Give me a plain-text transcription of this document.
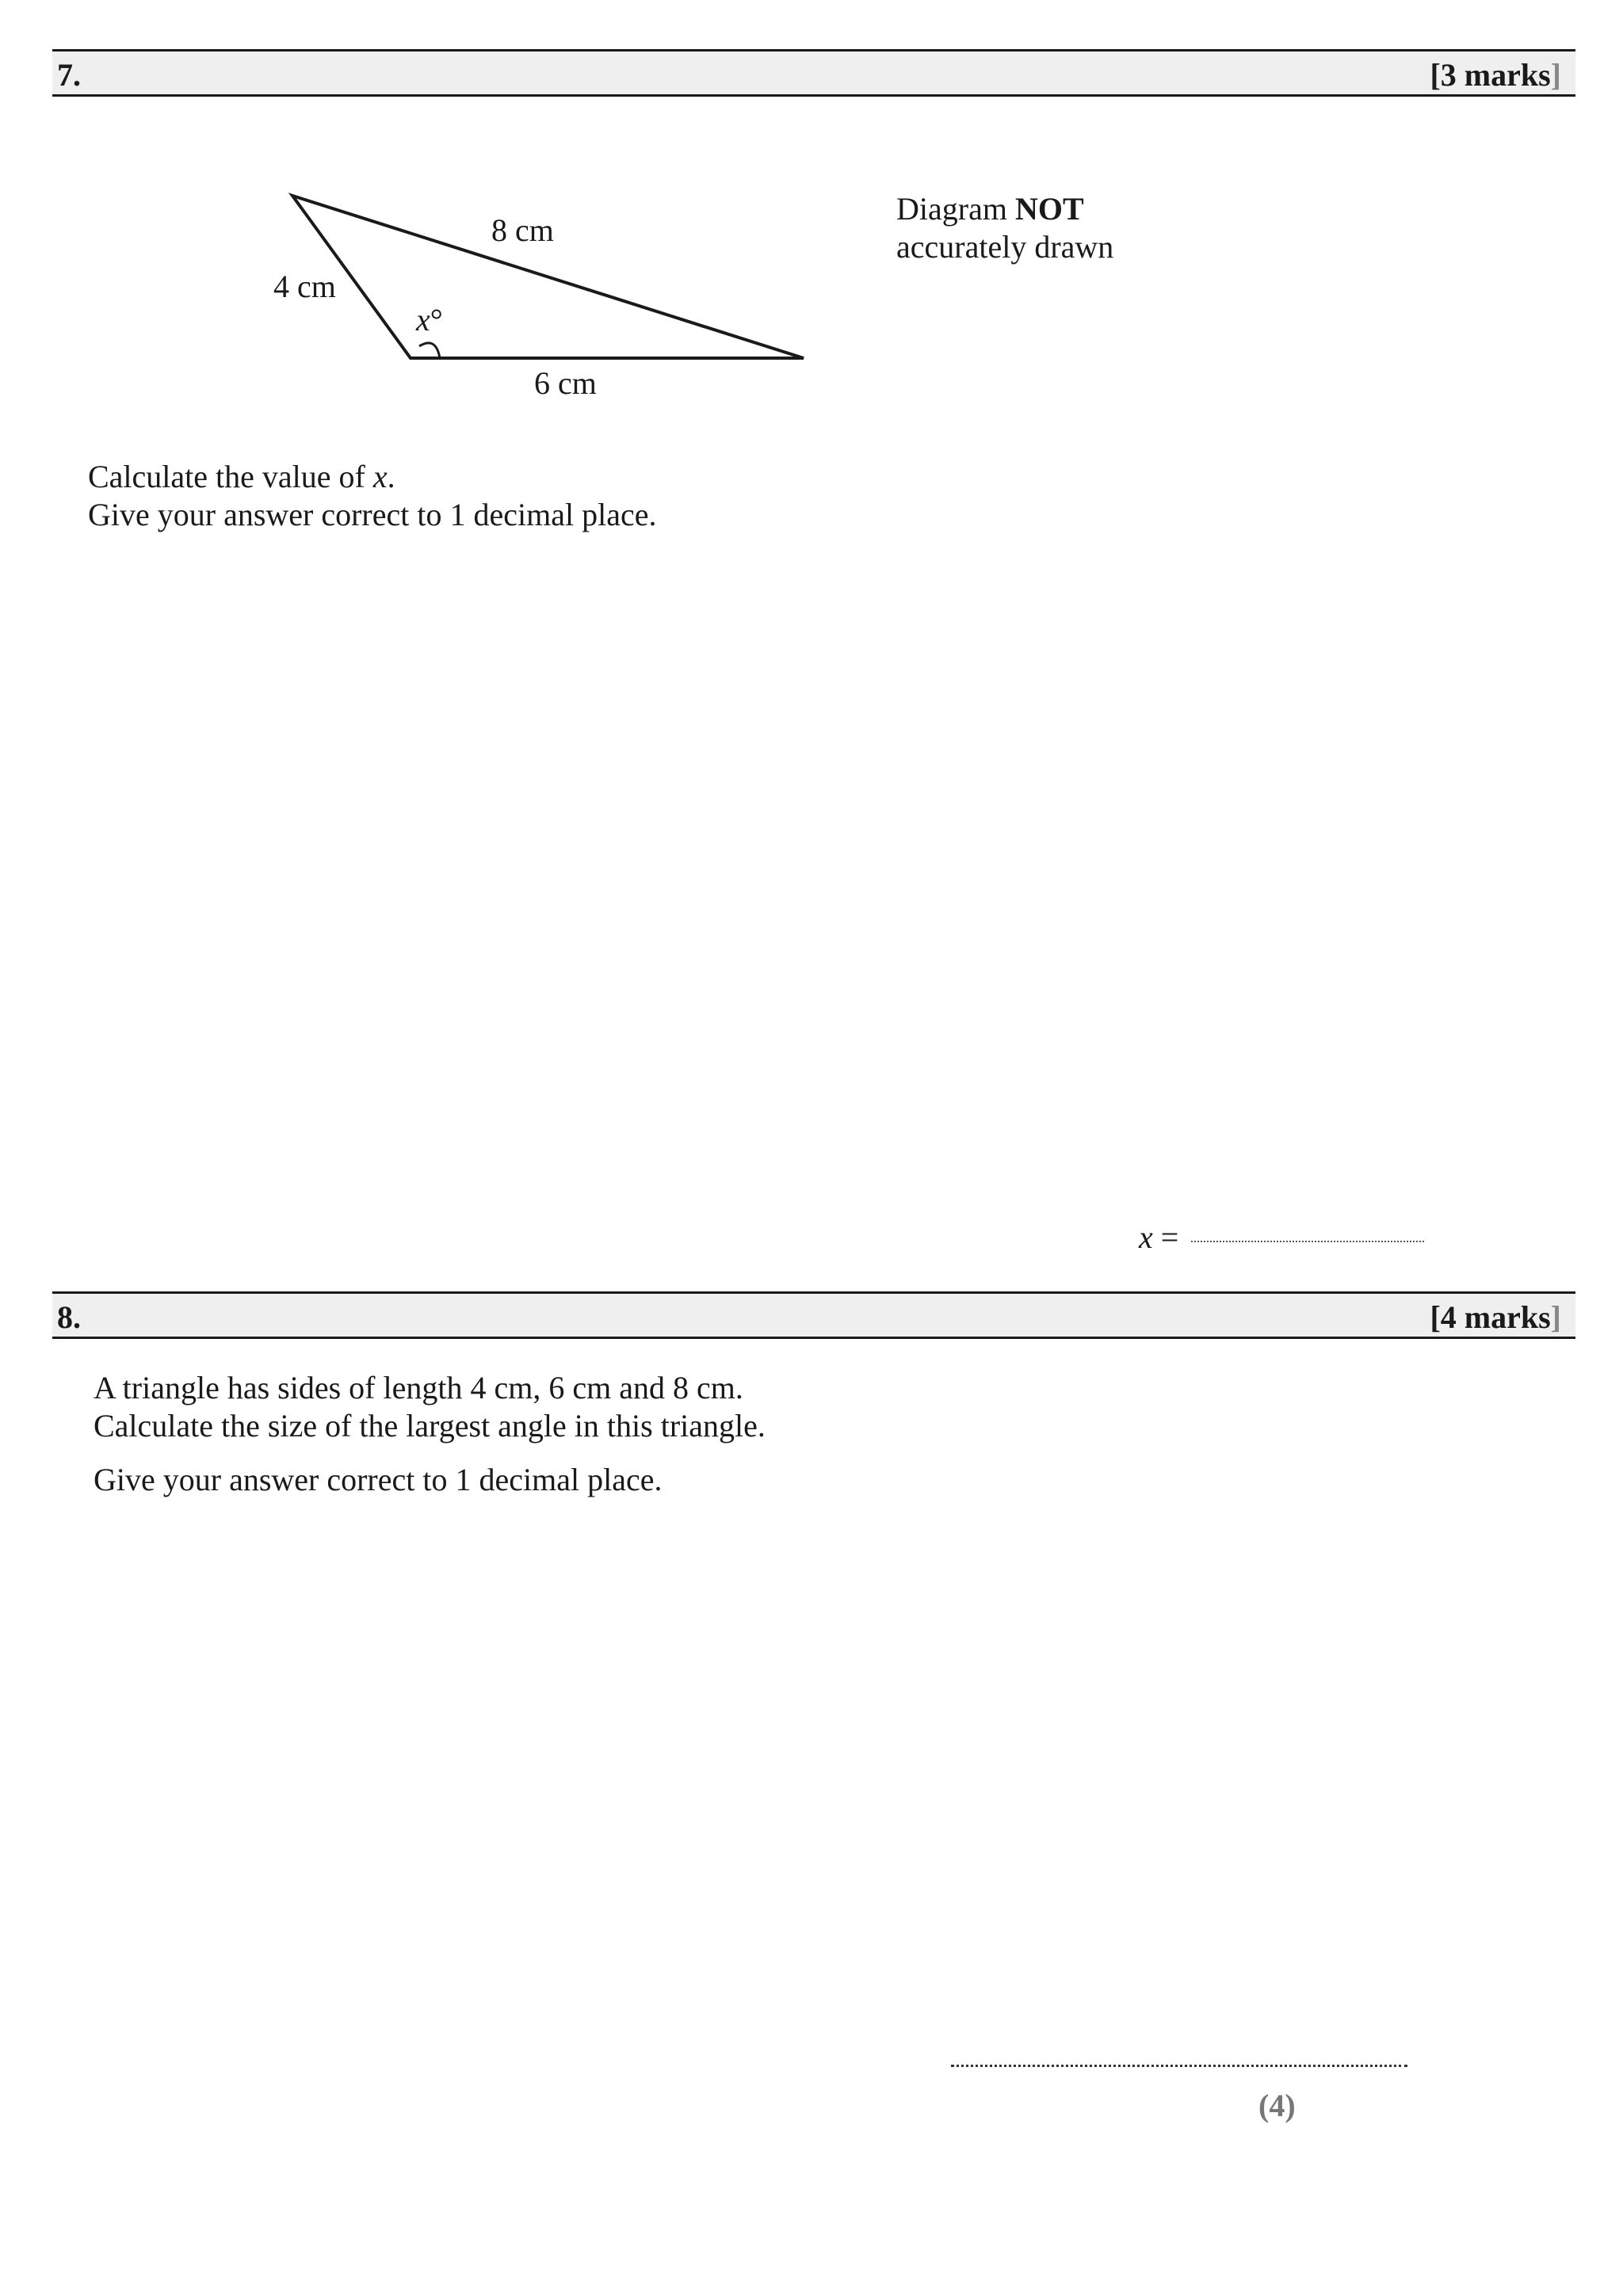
7.	[3 marks]
8 cm
4 cm
6 cm
x°
Diagram NOT
accurately drawn
Calculate the value of x.
Give your answer correct to 1 decimal place.
x =
8.	[4 marks]
A triangle has sides of length 4 cm, 6 cm and 8 cm.
Calculate the size of the largest angle in this triangle.
Give your answer correct to 1 decimal place.
(4)
